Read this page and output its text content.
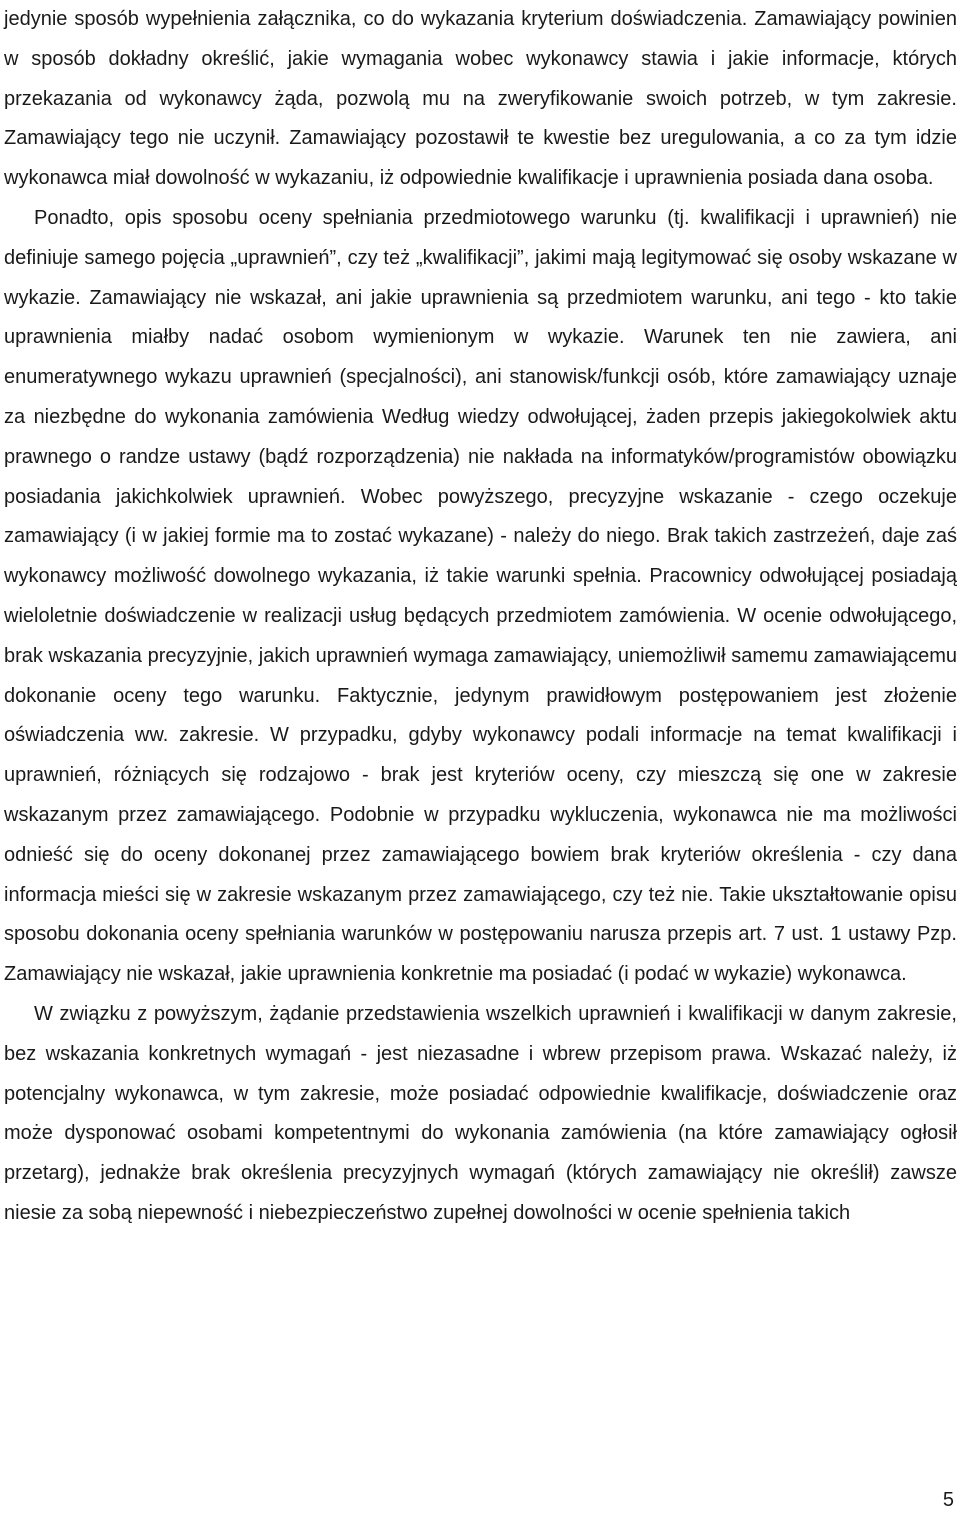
jedynie sposób wypełnienia załącznika, co do wykazania kryterium doświadczenia. Zamawiający powinien w sposób dokładny określić, jakie wymagania wobec wykonawcy stawia i jakie informacje, których przekazania od wykonawcy żąda, pozwolą mu na zweryfikowanie swoich potrzeb, w tym zakresie. Zamawiający tego nie uczynił. Zamawiający pozostawił te kwestie bez uregulowania, a co za tym idzie wykonawca miał dowolność w wykazaniu, iż odpowiednie kwalifikacje i uprawnienia posiada dana osoba.

Ponadto, opis sposobu oceny spełniania przedmiotowego warunku (tj. kwalifikacji i uprawnień) nie definiuje samego pojęcia „uprawnień”, czy też „kwalifikacji”, jakimi mają legitymować się osoby wskazane w wykazie. Zamawiający nie wskazał, ani jakie uprawnienia są przedmiotem warunku, ani tego - kto takie uprawnienia miałby nadać osobom wymienionym w wykazie. Warunek ten nie zawiera, ani enumeratywnego wykazu uprawnień (specjalności), ani stanowisk/funkcji osób, które zamawiający uznaje za niezbędne do wykonania zamówienia Według wiedzy odwołującej, żaden przepis jakiegokolwiek aktu prawnego o randze ustawy (bądź rozporządzenia) nie nakłada na informatyków/programistów obowiązku posiadania jakichkolwiek uprawnień. Wobec powyższego, precyzyjne wskazanie - czego oczekuje zamawiający (i w jakiej formie ma to zostać wykazane) - należy do niego. Brak takich zastrzeżeń, daje zaś wykonawcy możliwość dowolnego wykazania, iż takie warunki spełnia. Pracownicy odwołującej posiadają wieloletnie doświadczenie w realizacji usług będących przedmiotem zamówienia. W ocenie odwołującego, brak wskazania precyzyjnie, jakich uprawnień wymaga zamawiający, uniemożliwił samemu zamawiającemu dokonanie oceny tego warunku. Faktycznie, jedynym prawidłowym postępowaniem jest złożenie oświadczenia ww. zakresie. W przypadku, gdyby wykonawcy podali informacje na temat kwalifikacji i uprawnień, różniących się rodzajowo - brak jest kryteriów oceny, czy mieszczą się one w zakresie wskazanym przez zamawiającego. Podobnie w przypadku wykluczenia, wykonawca nie ma możliwości odnieść się do oceny dokonanej przez zamawiającego bowiem brak kryteriów określenia - czy dana informacja mieści się w zakresie wskazanym przez zamawiającego, czy też nie. Takie ukształtowanie opisu sposobu dokonania oceny spełniania warunków w postępowaniu narusza przepis art. 7 ust. 1 ustawy Pzp. Zamawiający nie wskazał, jakie uprawnienia konkretnie ma posiadać (i podać w wykazie) wykonawca.

W związku z powyższym, żądanie przedstawienia wszelkich uprawnień i kwalifikacji w danym zakresie, bez wskazania konkretnych wymagań - jest niezasadne i wbrew przepisom prawa. Wskazać należy, iż potencjalny wykonawca, w tym zakresie, może posiadać odpowiednie kwalifikacje, doświadczenie oraz może dysponować osobami kompetentnymi do wykonania zamówienia (na które zamawiający ogłosił przetarg), jednakże brak określenia precyzyjnych wymagań (których zamawiający nie określił) zawsze niesie za sobą niepewność i niebezpieczeństwo zupełnej dowolności w ocenie spełnienia takich

5
